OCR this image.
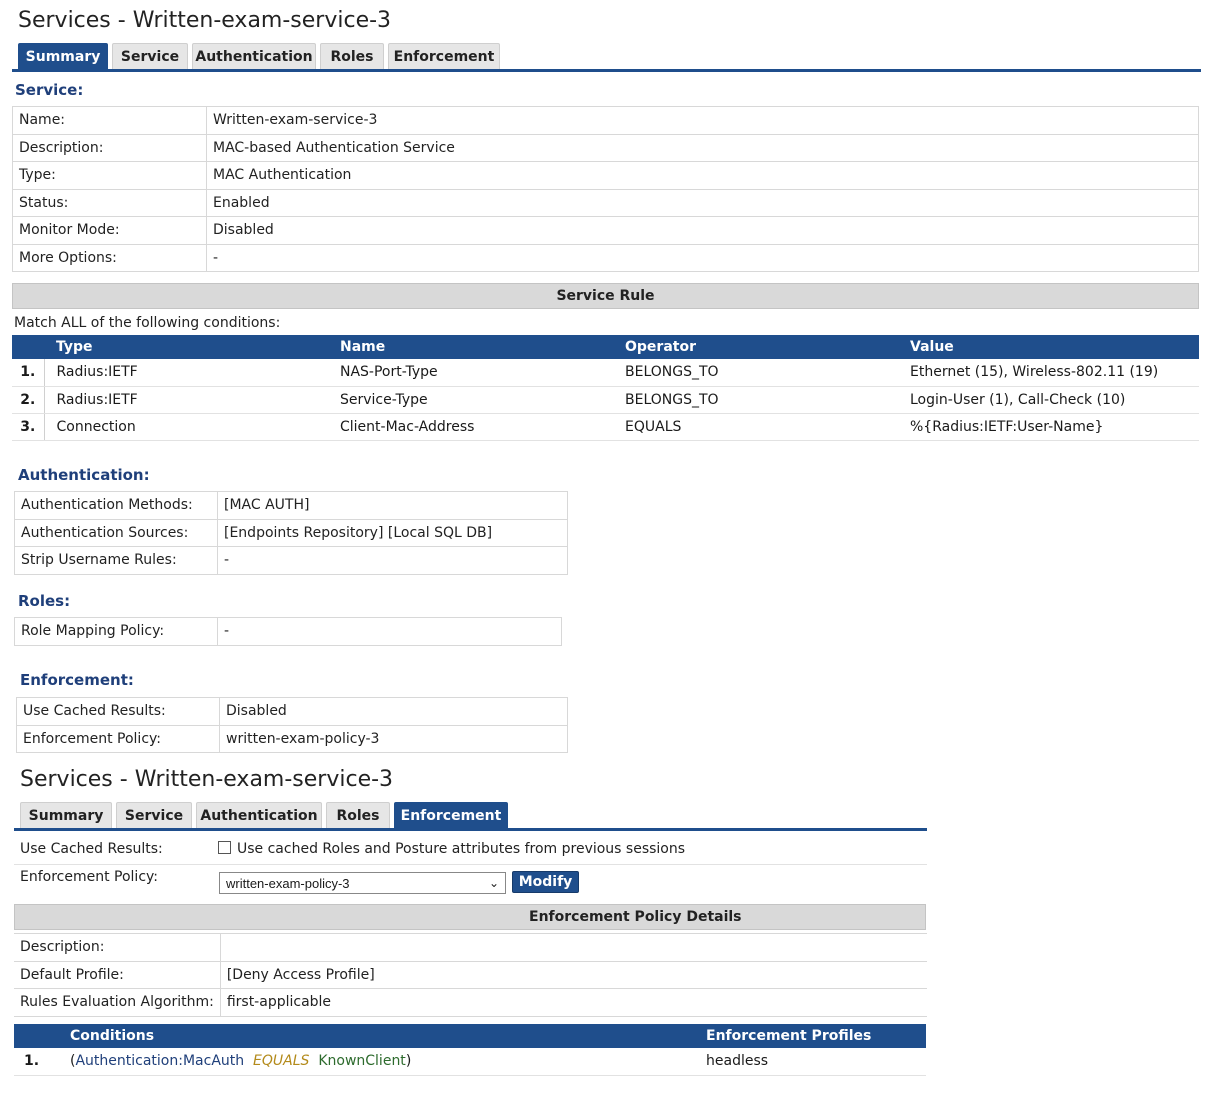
Services - Written-exam-service-3
Summary	Service	Authentication	Roles	Enforcement
Service:
Name:	Written-exam-service-3
Description:	MAC-based Authentication Service
Type:	MAC Authentication
Status:	Enabled
Monitor Mode:	Disabled
More Options:	-
Service Rule
Match ALL of the following conditions:
	Type	Name	Operator	Value
1.	Radius:IETF	NAS-Port-Type	BELONGS_TO	Ethernet (15), Wireless-802.11 (19)
2.	Radius:IETF	Service-Type	BELONGS_TO	Login-User (1), Call-Check (10)
3.	Connection	Client-Mac-Address	EQUALS	%{Radius:IETF:User-Name}
Authentication:
Authentication Methods:	[MAC AUTH]
Authentication Sources:	[Endpoints Repository] [Local SQL DB]
Strip Username Rules:	-
Roles:
Role Mapping Policy:	-
Enforcement:
Use Cached Results:	Disabled
Enforcement Policy:	written-exam-policy-3
Services - Written-exam-service-3
Summary	Service	Authentication	Roles	Enforcement
Use Cached Results:	Use cached Roles and Posture attributes from previous sessions
Enforcement Policy:	written-exam-policy-3	⌄	Modify
Enforcement Policy Details
Description:	
Default Profile:	[Deny Access Profile]
Rules Evaluation Algorithm:	first-applicable
	Conditions	Enforcement Profiles
1.	(Authentication:MacAuth EQUALS KnownClient)	headless
